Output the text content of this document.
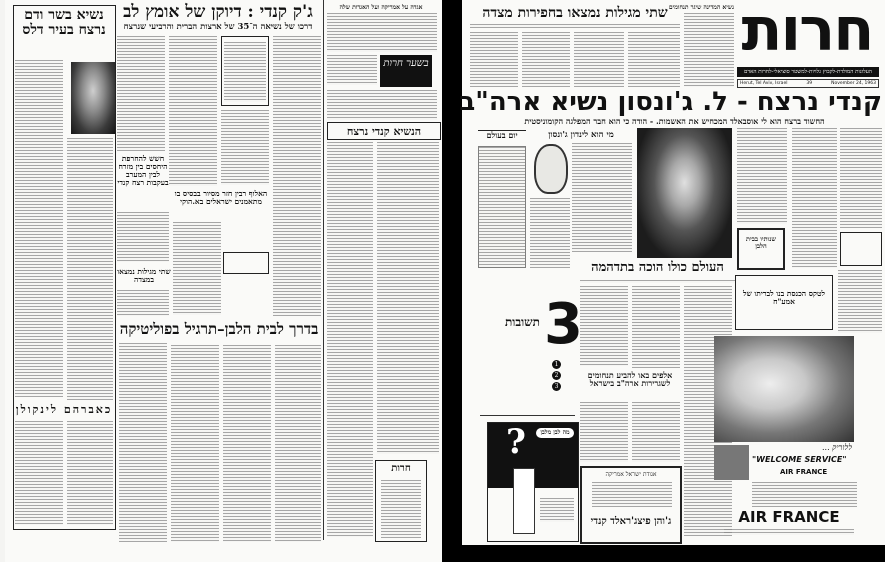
אגדה על אמריקה ועל האגדות שלה
בשער חרות
הנשיא קנדי נרצח
חרות
ג'ק קנדי : דיוקן של אומץ לב
דרכו של נשיאה ה־35 של ארצות הברית והרביעי שנרצח
חשש להחרפת היחסים בין מזרח לבין המערב בעקבות רצח קנדי
האלוף רבין חזר מסיור בבסיס בו מתאמנים ישראלים בא.הוקי
שתי מגילות נמצאו במצדה
בדרך לבית הלבן–תרגיל בפוליטיקה
נשיא בשר ודם נרצח בעיר דלס
כאברהם לינקולן
חרות
העלונות המולדת-לקבוץ גלויות-למשטר סוציאלי-לחרות האדם
Herut, Tel Aviv, Israel	39	November 24, 1963
נשיא המדינה שיגר תנחומים
שתי מגילות נמצאו בחפירות מצדה
קנדי נרצח - ל. ג'ונסון נשיא ארה"ב
החשוד ברצח הוא לי אוסבאלד המכחיש את האשמות. - הודה כי הוא חבר המפלגה הקומוניסטית
יום בעולם	מי הוא לינדון ג'ונסון
שנותיו בבית הלבן
העולם כולו הוכה בתדהמה
לטקס הכנסת בנו לבריתו של אמע"ח
3
תשובות
1
2
3
אלפים באו להביע תנחומים לשגרירות ארה"ב בישראל
מה לבן מלבן
?
אגודת ישראל אמריקה
ג'והן פיצג'ראלד קנדי
ללוריק ...
"WELCOME SERVICE"
AIR FRANCE
AIR FRANCE
